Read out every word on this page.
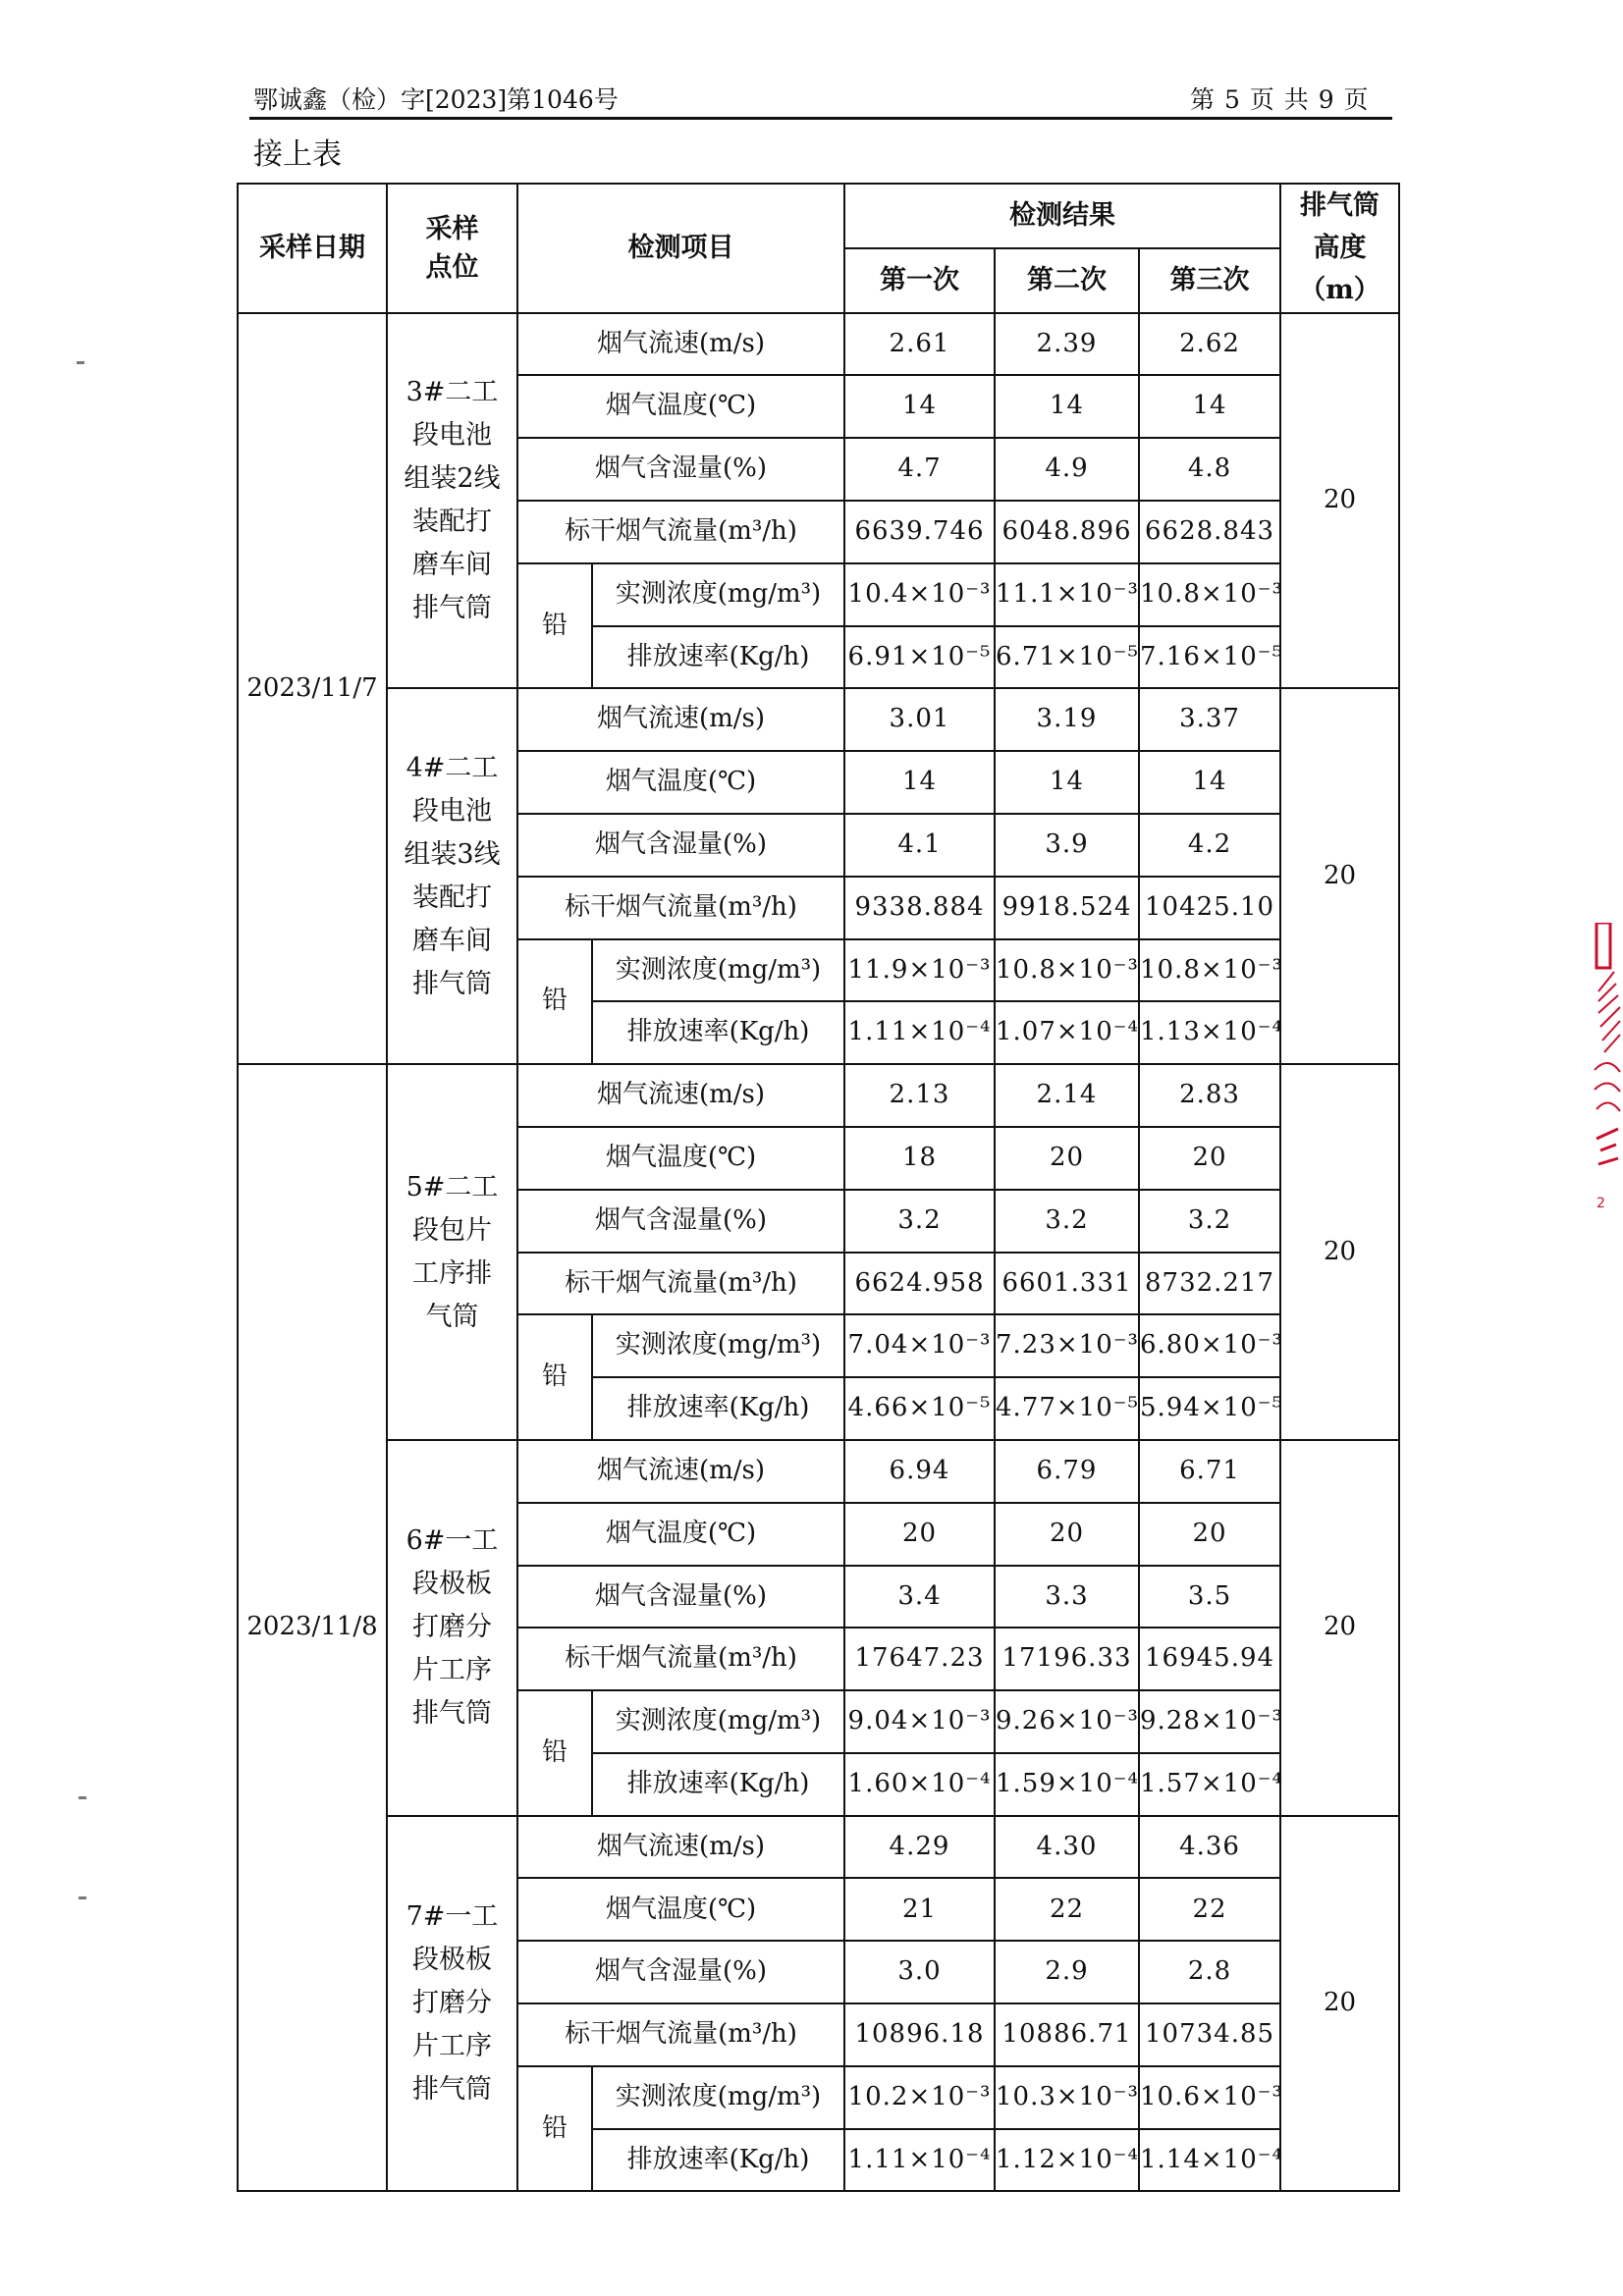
鄂诚鑫（检）字[2023]第1046号	第 5 页 共 9 页
接上表
采样日期	采样点位	检测项目		检测结果			排气筒高度（m）
				第一次	第二次	第三次	
2023/11/7	3#二工段电池组装2线装配打磨车间排气筒	烟气流速(m/s)		2.61	2.39	2.62	20
		烟气温度(℃)		14	14	14	
		烟气含湿量(%)		4.7	4.9	4.8	
		标干烟气流量(m³/h)		6639.746	6048.896	6628.843	
		铅	实测浓度(mg/m³)	10.4×10⁻³	11.1×10⁻³	10.8×10⁻³	
			排放速率(Kg/h)	6.91×10⁻⁵	6.71×10⁻⁵	7.16×10⁻⁵	
	4#二工段电池组装3线装配打磨车间排气筒	烟气流速(m/s)		3.01	3.19	3.37	20
		烟气温度(℃)		14	14	14	
		烟气含湿量(%)		4.1	3.9	4.2	
		标干烟气流量(m³/h)		9338.884	9918.524	10425.10	
		铅	实测浓度(mg/m³)	11.9×10⁻³	10.8×10⁻³	10.8×10⁻³	
			排放速率(Kg/h)	1.11×10⁻⁴	1.07×10⁻⁴	1.13×10⁻⁴	
2023/11/8	5#二工段包片工序排气筒	烟气流速(m/s)		2.13	2.14	2.83	20
		烟气温度(℃)		18	20	20	
		烟气含湿量(%)		3.2	3.2	3.2	
		标干烟气流量(m³/h)		6624.958	6601.331	8732.217	
		铅	实测浓度(mg/m³)	7.04×10⁻³	7.23×10⁻³	6.80×10⁻³	
			排放速率(Kg/h)	4.66×10⁻⁵	4.77×10⁻⁵	5.94×10⁻⁵	
	6#一工段极板打磨分片工序排气筒	烟气流速(m/s)		6.94	6.79	6.71	20
		烟气温度(℃)		20	20	20	
		烟气含湿量(%)		3.4	3.3	3.5	
		标干烟气流量(m³/h)		17647.23	17196.33	16945.94	
		铅	实测浓度(mg/m³)	9.04×10⁻³	9.26×10⁻³	9.28×10⁻³	
			排放速率(Kg/h)	1.60×10⁻⁴	1.59×10⁻⁴	1.57×10⁻⁴	
	7#一工段极板打磨分片工序排气筒	烟气流速(m/s)		4.29	4.30	4.36	20
		烟气温度(℃)		21	22	22	
		烟气含湿量(%)		3.0	2.9	2.8	
		标干烟气流量(m³/h)		10896.18	10886.71	10734.85	
		铅	实测浓度(mg/m³)	10.2×10⁻³	10.3×10⁻³	10.6×10⁻³	
			排放速率(Kg/h)	1.11×10⁻⁴	1.12×10⁻⁴	1.14×10⁻⁴	
2
